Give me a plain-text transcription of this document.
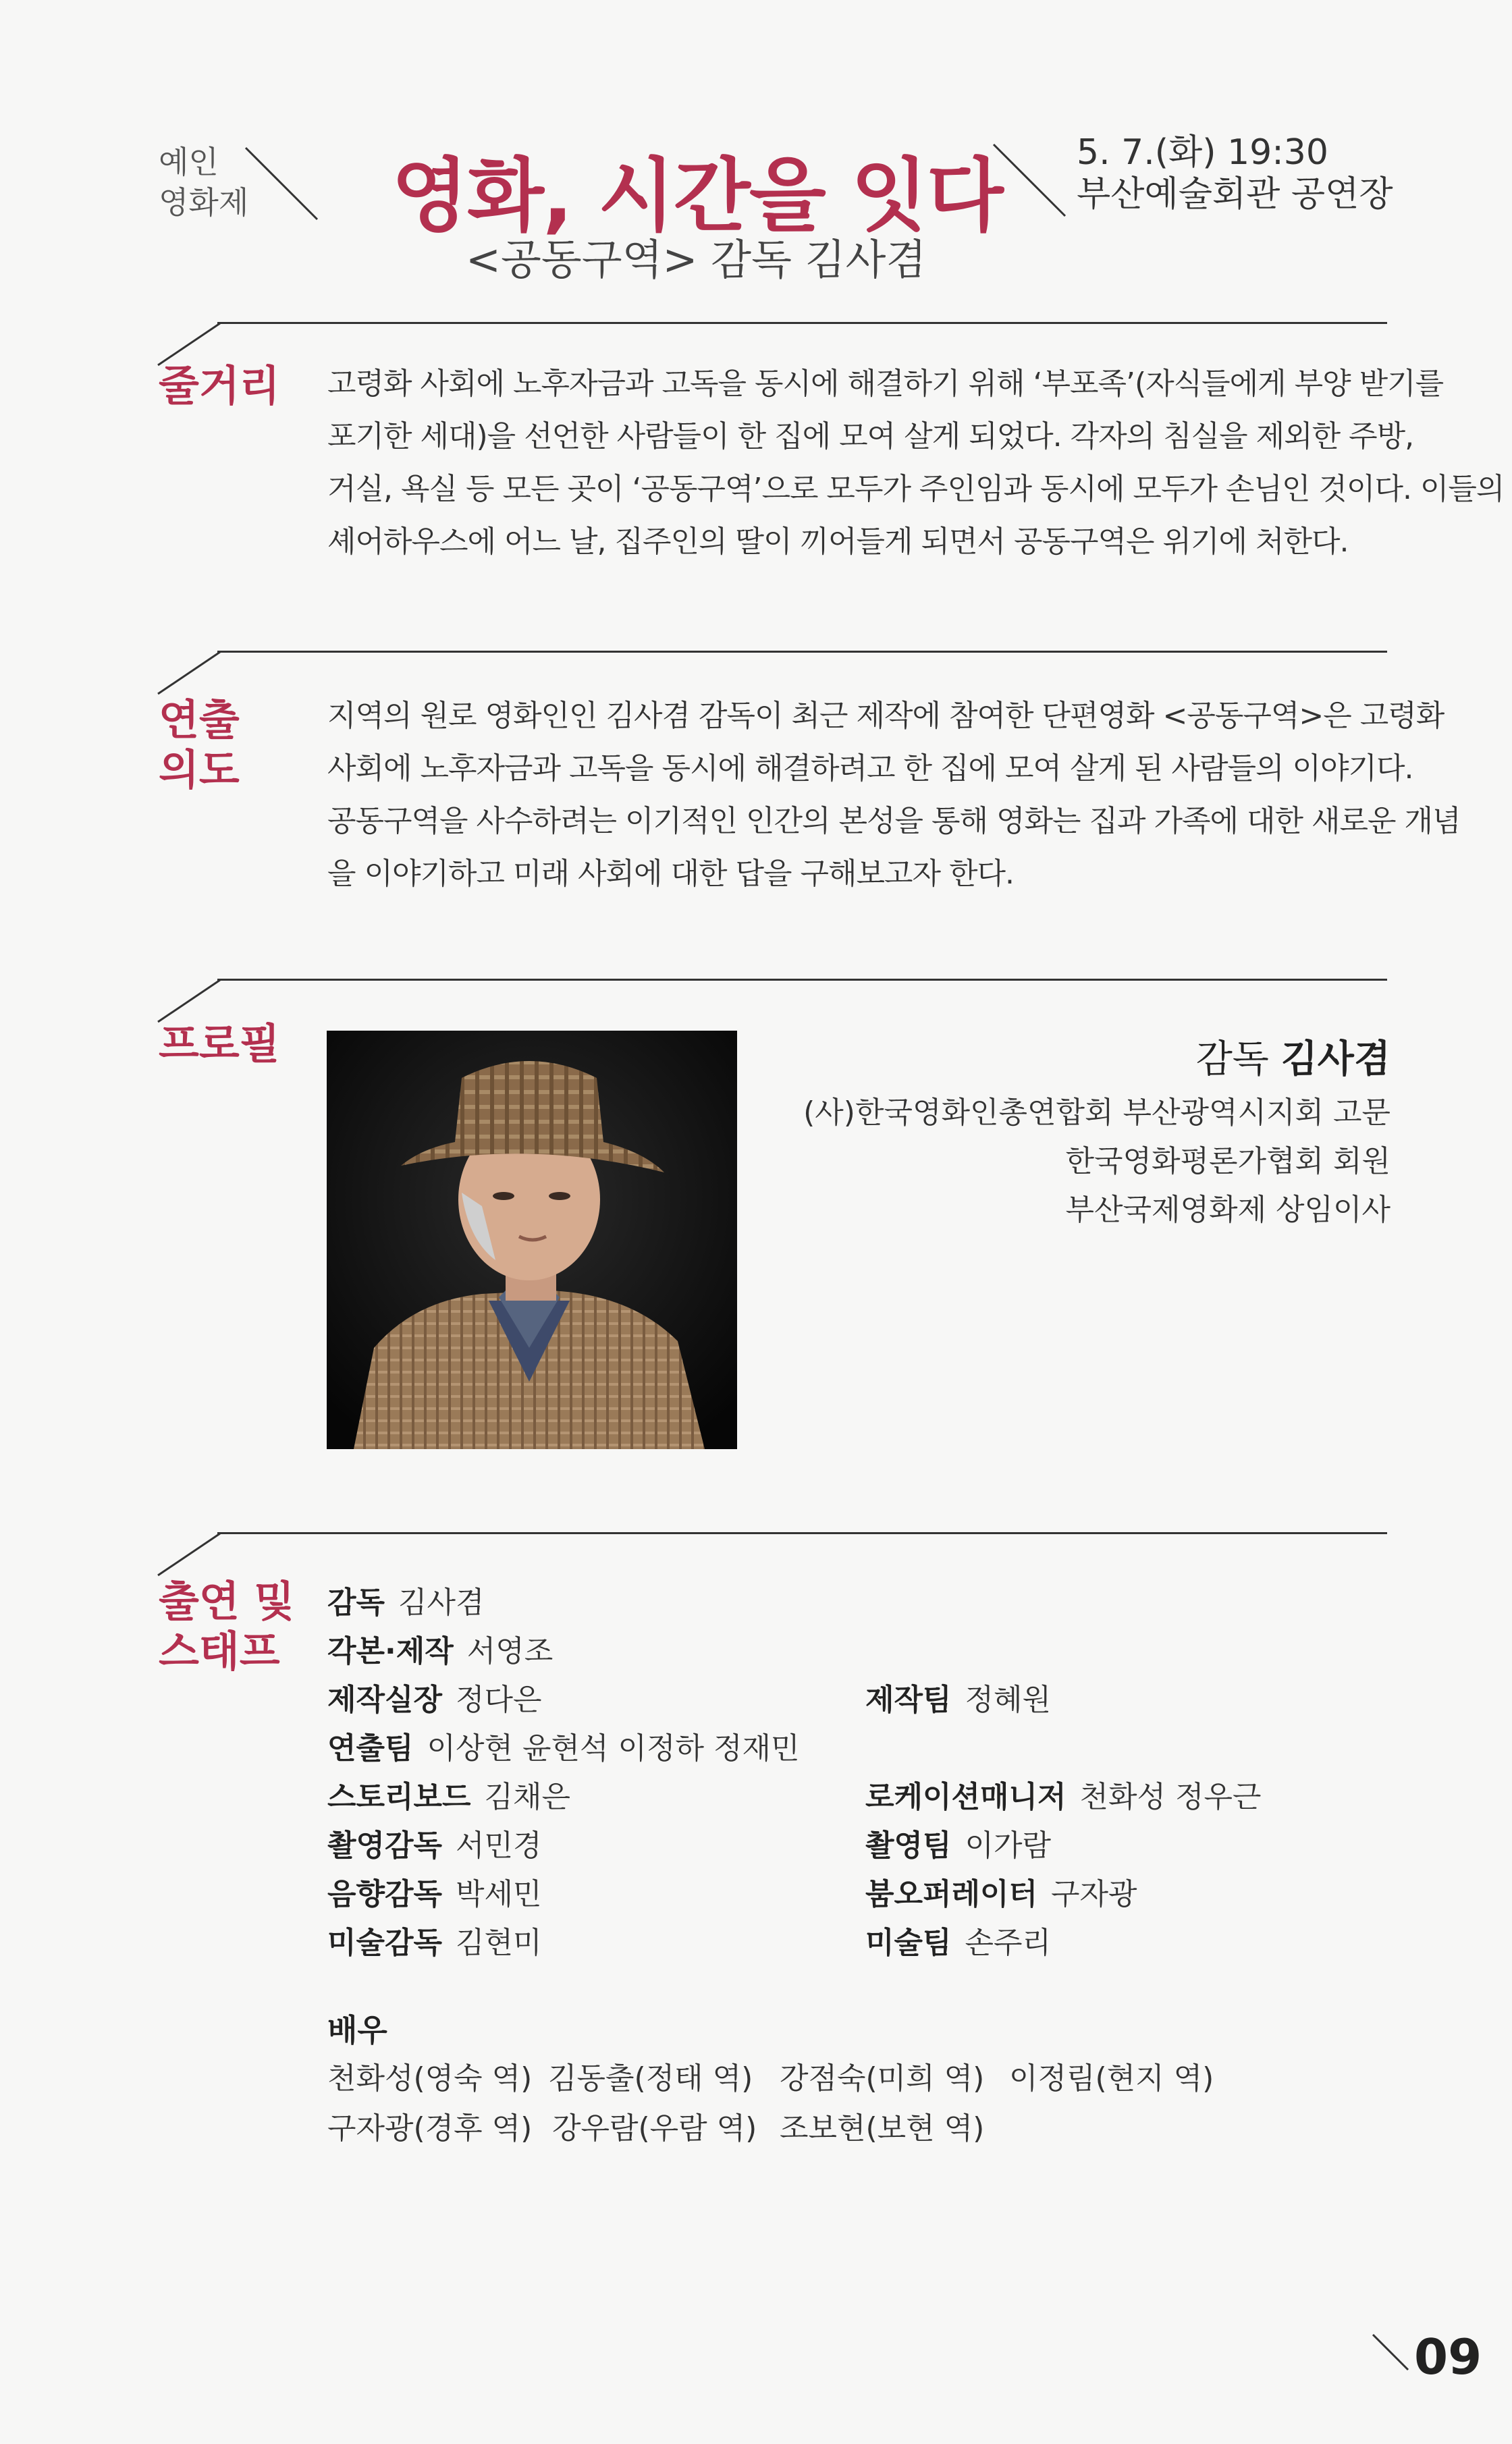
예인
영화제 영화, 시간을 잇다
<공동구역> 감독 김사겸
5. 7.(화) 19:30
부산예술회관 공연장
줄거리 고령화 사회에 노후자금과 고독을 동시에 해결하기 위해 ‘부포족’(자식들에게 부양 받기를
포기한 세대)을 선언한 사람들이 한 집에 모여 살게 되었다. 각자의 침실을 제외한 주방,
거실, 욕실 등 모든 곳이 ‘공동구역’으로 모두가 주인임과 동시에 모두가 손님인 것이다. 이들의
셰어하우스에 어느 날, 집주인의 딸이 끼어들게 되면서 공동구역은 위기에 처한다.
연출
의도
지역의 원로 영화인인 김사겸 감독이 최근 제작에 참여한 단편영화 <공동구역>은 고령화
사회에 노후자금과 고독을 동시에 해결하려고 한 집에 모여 살게 된 사람들의 이야기다.
공동구역을 사수하려는 이기적인 인간의 본성을 통해 영화는 집과 가족에 대한 새로운 개념
을 이야기하고 미래 사회에 대한 답을 구해보고자 한다.
프로필	감독 김사겸
(사)한국영화인총연합회 부산광역시지회 고문
한국영화평론가협회 회원
부산국제영화제 상임이사
출연 및
스태프
감독 김사겸
각본·제작 서영조
제작실장 정다은
연출팀 이상현 윤현석 이정하 정재민
스토리보드 김채은
촬영감독 서민경
음향감독 박세민
미술감독 김현미
제작팀 정혜원
로케이션매니저 천화성 정우근
촬영팀 이가람
붐오퍼레이터 구자광
미술팀 손주리
배우
천화성(영숙 역) 김동출(정태 역) 강점숙(미희 역) 이정림(현지 역)
구자광(경후 역) 강우람(우람 역) 조보현(보현 역)
09
